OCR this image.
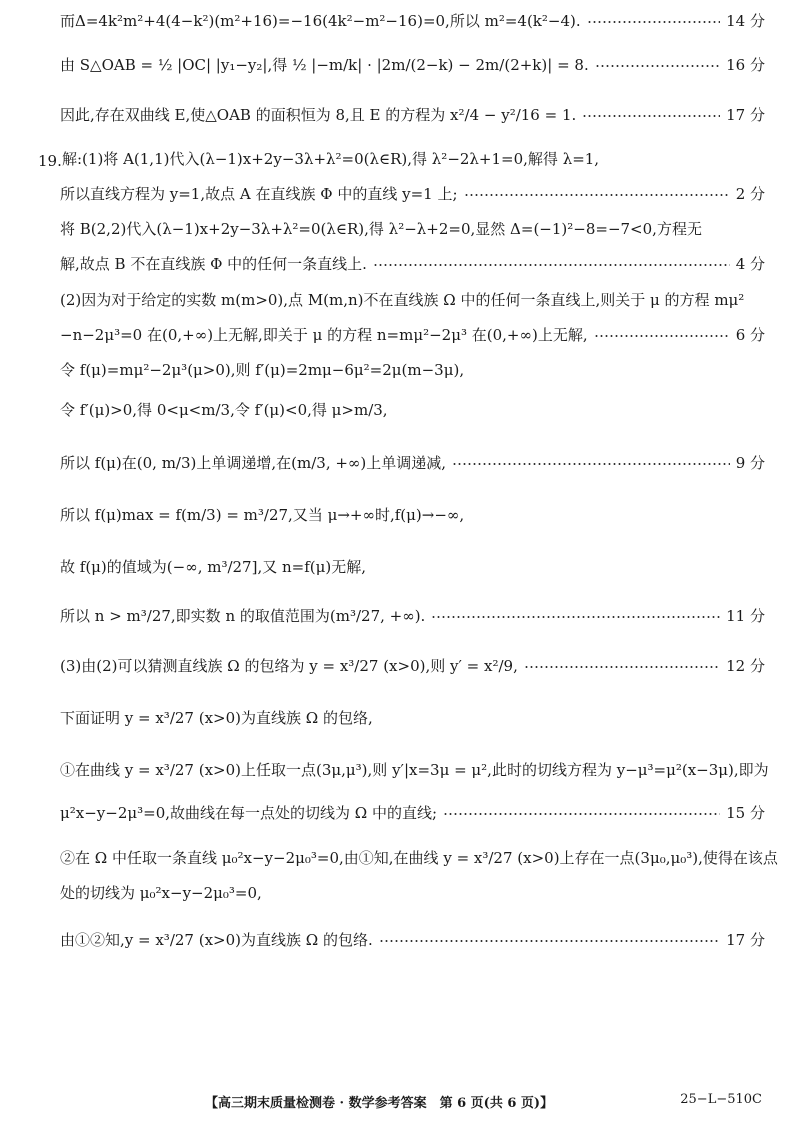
而Δ=4k²m²+4(4−k²)(m²+16)=−16(4k²−m²−16)=0,所以 m²=4(k²−4).	14 分
由 S△OAB = ½ |OC| |y₁−y₂|,得 ½ |−m/k| · |2m/(2−k) − 2m/(2+k)| = 8.	16 分
因此,存在双曲线 E,使△OAB 的面积恒为 8,且 E 的方程为 x²/4 − y²/16 = 1.	17 分
19. 解:(1)将 A(1,1)代入(λ−1)x+2y−3λ+λ²=0(λ∈R),得 λ²−2λ+1=0,解得 λ=1,
所以直线方程为 y=1,故点 A 在直线族 Φ 中的直线 y=1 上;	2 分
将 B(2,2)代入(λ−1)x+2y−3λ+λ²=0(λ∈R),得 λ²−λ+2=0,显然 Δ=(−1)²−8=−7<0,方程无
解,故点 B 不在直线族 Φ 中的任何一条直线上.	4 分
(2)因为对于给定的实数 m(m>0),点 M(m,n)不在直线族 Ω 中的任何一条直线上,则关于 μ 的方程 mμ²
−n−2μ³=0 在(0,+∞)上无解,即关于 μ 的方程 n=mμ²−2μ³ 在(0,+∞)上无解,	6 分
令 f(μ)=mμ²−2μ³(μ>0),则 f′(μ)=2mμ−6μ²=2μ(m−3μ),
令 f′(μ)>0,得 0<μ<m/3,令 f′(μ)<0,得 μ>m/3,
所以 f(μ)在(0, m/3)上单调递增,在(m/3, +∞)上单调递减,	9 分
所以 f(μ)max = f(m/3) = m³/27,又当 μ→+∞时,f(μ)→−∞,
故 f(μ)的值域为(−∞, m³/27],又 n=f(μ)无解,
所以 n > m³/27,即实数 n 的取值范围为(m³/27, +∞).	11 分
(3)由(2)可以猜测直线族 Ω 的包络为 y = x³/27 (x>0),则 y′ = x²/9,	12 分
下面证明 y = x³/27 (x>0)为直线族 Ω 的包络,
①在曲线 y = x³/27 (x>0)上任取一点(3μ,μ³),则 y′|x=3μ = μ²,此时的切线方程为 y−μ³=μ²(x−3μ),即为
μ²x−y−2μ³=0,故曲线在每一点处的切线为 Ω 中的直线;	15 分
②在 Ω 中任取一条直线 μ₀²x−y−2μ₀³=0,由①知,在曲线 y = x³/27 (x>0)上存在一点(3μ₀,μ₀³),使得在该点
处的切线为 μ₀²x−y−2μ₀³=0,
由①②知,y = x³/27 (x>0)为直线族 Ω 的包络.	17 分
【高三期末质量检测卷 · 数学参考答案　第 6 页(共 6 页)】	25−L−510C
